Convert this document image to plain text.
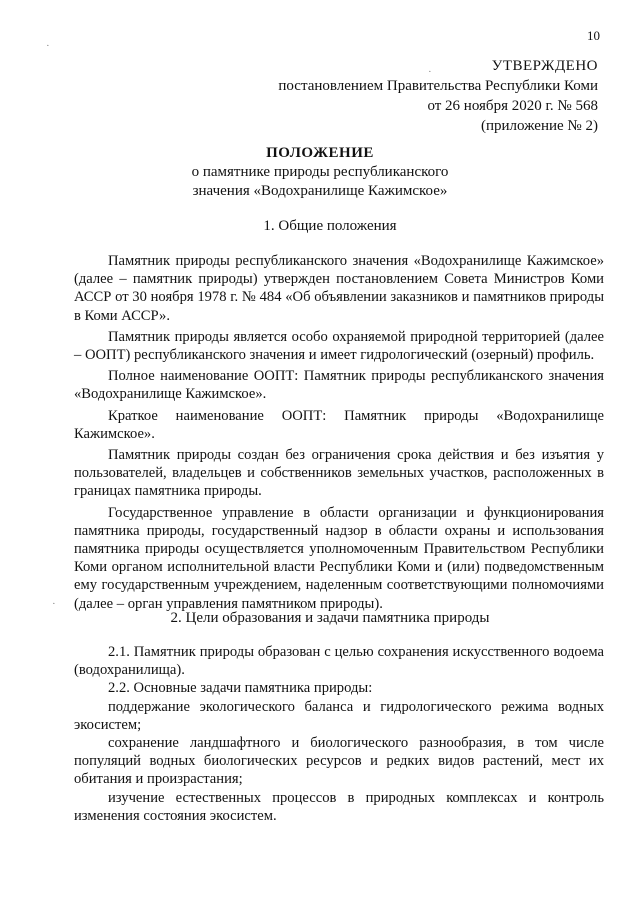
10
УТВЕРЖДЕНО
постановлением Правительства Республики Коми
от 26 ноября 2020 г. № 568
(приложение № 2)
ПОЛОЖЕНИЕ
о памятнике природы республиканского
значения «Водохранилище Кажимское»
1. Общие положения

Памятник природы республиканского значения «Водохранилище Кажимское» (далее – памятник природы) утвержден постановлением Совета Министров Коми АССР от 30 ноября 1978 г. № 484 «Об объявлении заказников и памятников природы в Коми АССР».

Памятник природы является особо охраняемой природной территорией (далее – ООПТ) республиканского значения и имеет гидрологический (озерный) профиль.

Полное наименование ООПТ: Памятник природы республиканского значения «Водохранилище Кажимское».

Краткое наименование ООПТ: Памятник природы «Водохранилище Кажимское».

Памятник природы создан без ограничения срока действия и без изъятия у пользователей, владельцев и собственников земельных участков, расположенных в границах памятника природы.

Государственное управление в области организации и функционирования памятника природы, государственный надзор в области охраны и использования памятника природы осуществляется уполномоченным Правительством Республики Коми органом исполнительной власти Республики Коми и (или) подведомственным ему государственным учреждением, наделенным соответствующими полномочиями (далее – орган управления памятником природы).

2. Цели образования и задачи памятника природы

2.1. Памятник природы образован с целью сохранения искусственного водоема (водохранилища).

2.2. Основные задачи памятника природы:

поддержание экологического баланса и гидрологического режима водных экосистем;

сохранение ландшафтного и биологического разнообразия, в том числе популяций водных биологических ресурсов и редких видов растений, мест их обитания и произрастания;

изучение естественных процессов в природных комплексах и контроль изменения состояния экосистем.

·
·
·
